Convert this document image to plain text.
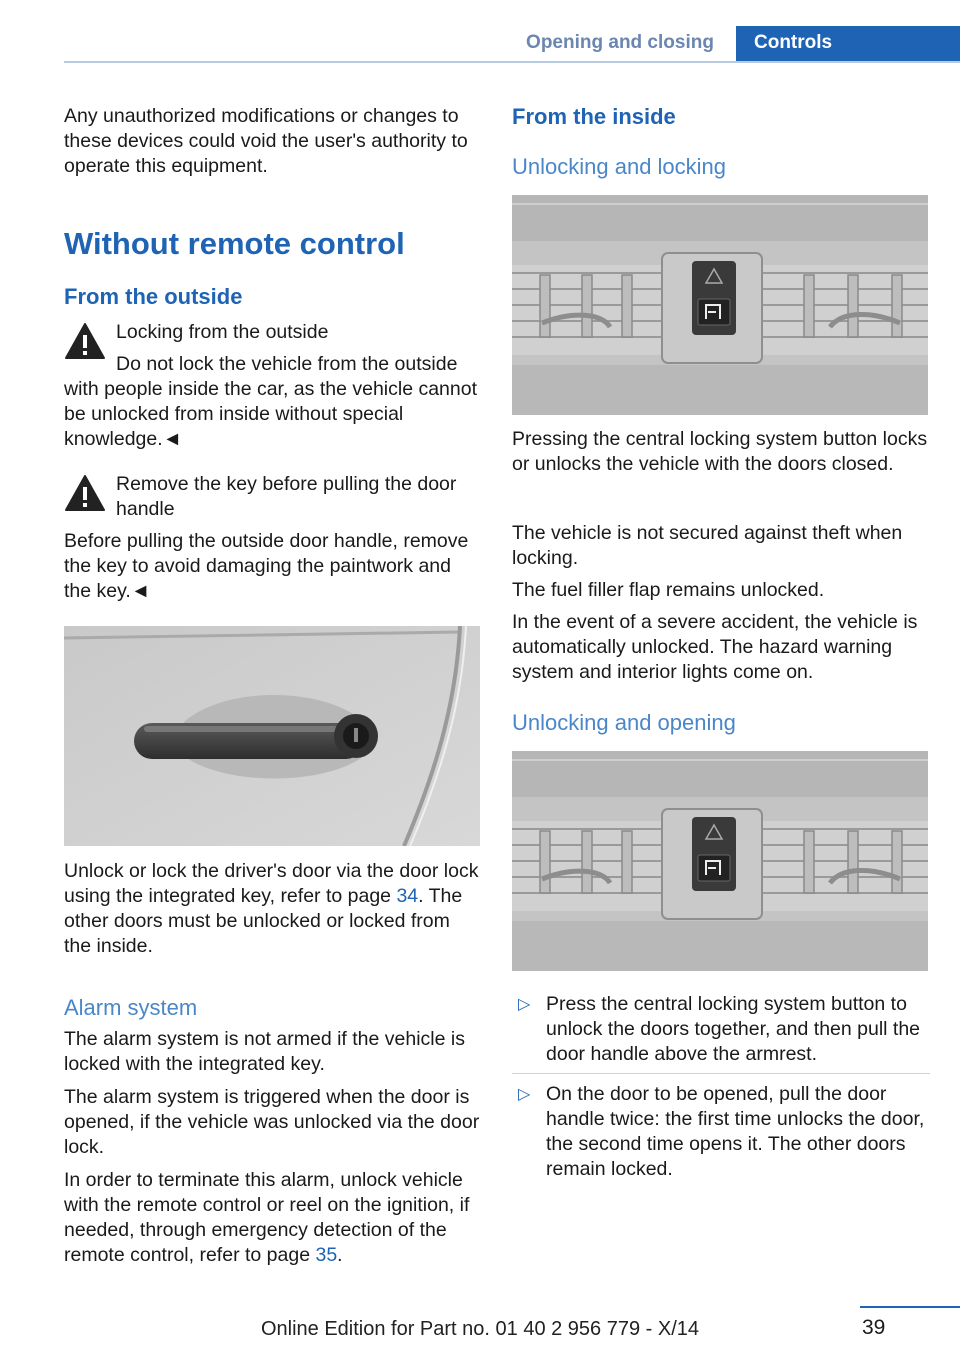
Opening and closing	Controls

Any unauthorized modifications or changes to these devices could void the user's authority to operate this equipment.

Without remote control
From the outside
Locking from the outside

Do not lock the vehicle from the outside with people inside the car, as the vehicle cannot be unlocked from inside without special knowledge.◄

Remove the key before pulling the door handle

Before pulling the outside door handle, remove the key to avoid damaging the paintwork and the key.◄

Unlock or lock the driver's door via the door lock using the integrated key, refer to page 34. The other doors must be unlocked or locked from the inside.

Alarm system

The alarm system is not armed if the vehicle is locked with the integrated key.

The alarm system is triggered when the door is opened, if the vehicle was unlocked via the door lock.

In order to terminate this alarm, unlock vehicle with the remote control or reel on the ignition, if needed, through emergency detection of the remote control, refer to page 35.

From the inside
Unlocking and locking

Pressing the central locking system button locks or unlocks the vehicle with the doors closed.

The vehicle is not secured against theft when locking.

The fuel filler flap remains unlocked.

In the event of a severe accident, the vehicle is automatically unlocked. The hazard warning system and interior lights come on.

Unlocking and opening
▷ Press the central locking system button to unlock the doors together, and then pull the door handle above the armrest.
▷ On the door to be opened, pull the door handle twice: the first time unlocks the door, the second time opens it. The other doors remain locked.
39
Online Edition for Part no. 01 40 2 956 779 - X/14
